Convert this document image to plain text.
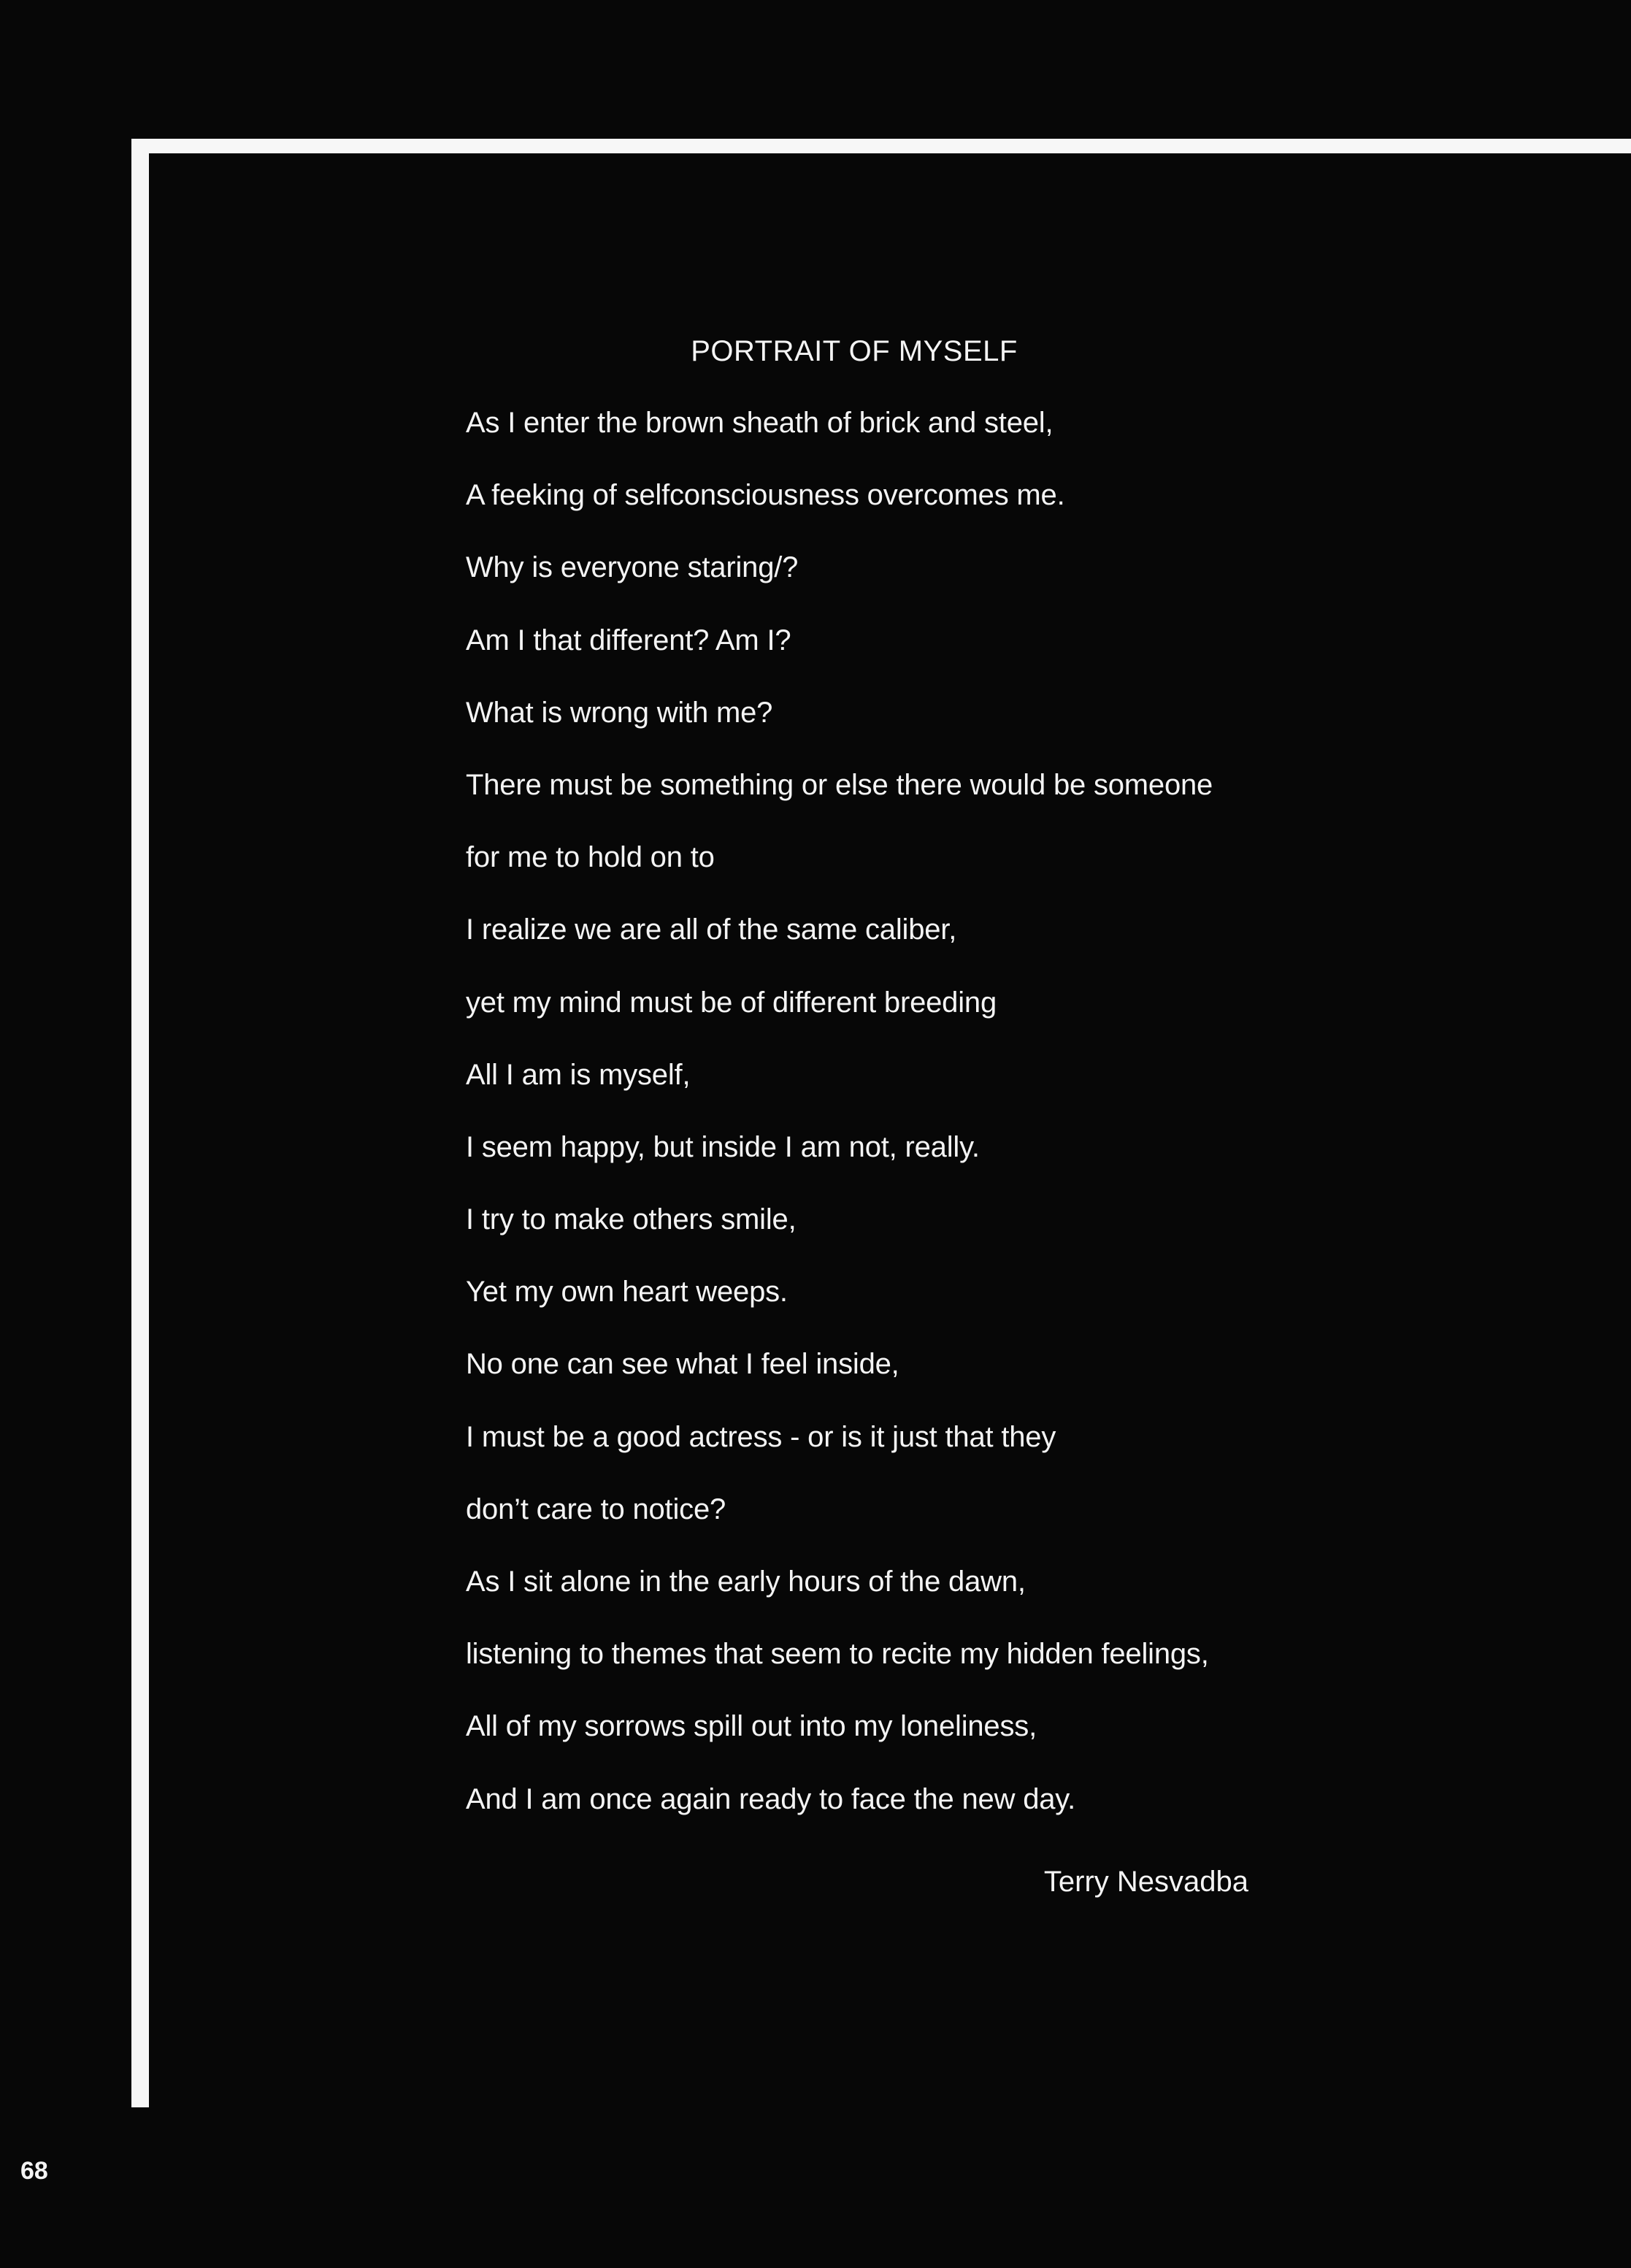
PORTRAIT OF MYSELF
As I enter the brown sheath of brick and steel,
A feeking of selfconsciousness overcomes me.
Why is everyone staring/?
Am I that different? Am I?
What is wrong with me?
There must be something or else there would be someone
for me to hold on to
I realize we are all of the same caliber,
yet my mind must be of different breeding
All I am is myself,
I seem happy, but inside I am not, really.
I try to make others smile,
Yet my own heart weeps.
No one can see what I feel inside,
I must be a good actress - or is it just that they
don’t care to notice?
As I sit alone in the early hours of the dawn,
listening to themes that seem to recite my hidden feelings,
All of my sorrows spill out into my loneliness,
And I am once again ready to face the new day.
Terry Nesvadba
68
